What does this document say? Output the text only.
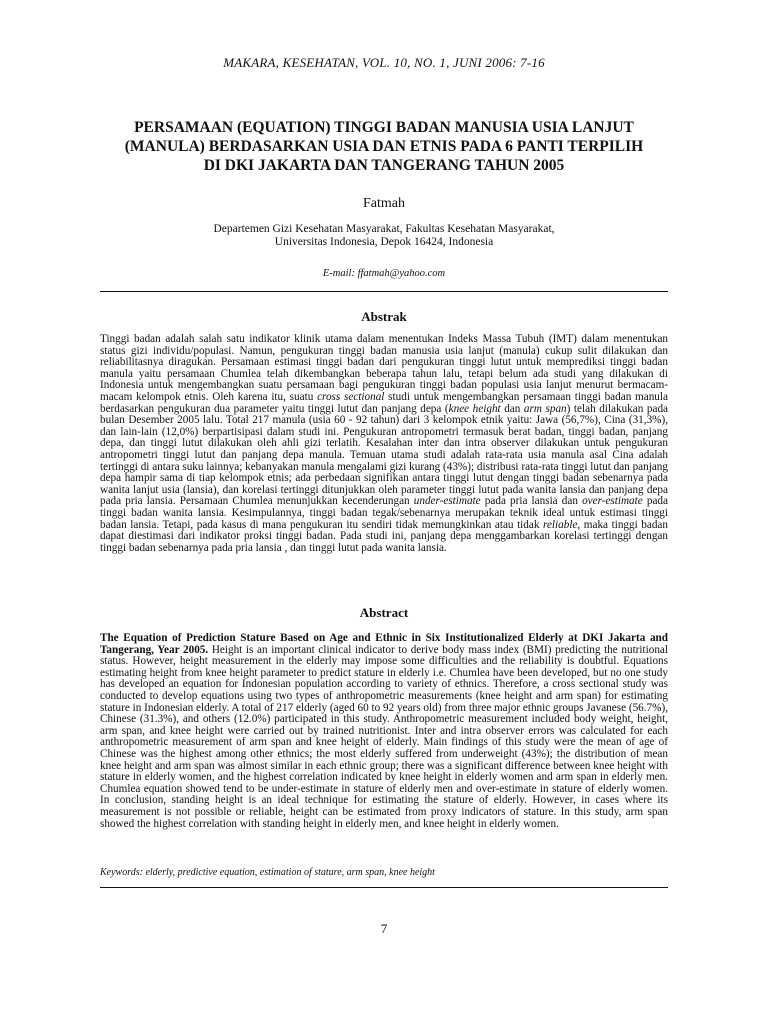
MAKARA, KESEHATAN, VOL. 10, NO. 1, JUNI 2006: 7-16
PERSAMAAN (EQUATION) TINGGI BADAN MANUSIA USIA LANJUT
(MANULA) BERDASARKAN USIA DAN ETNIS PADA 6 PANTI TERPILIH
DI DKI JAKARTA DAN TANGERANG TAHUN 2005
Fatmah
Departemen Gizi Kesehatan Masyarakat, Fakultas Kesehatan Masyarakat,
Universitas Indonesia, Depok 16424, Indonesia
E-mail: ffatmah@yahoo.com
Abstrak

Tinggi badan adalah salah satu indikator klinik utama dalam menentukan Indeks Massa Tubuh (IMT) dalam menentukan status gizi individu/populasi. Namun, pengukuran tinggi badan manusia usia lanjut (manula) cukup sulit dilakukan dan reliabilitasnya diragukan. Persamaan estimasi tinggi badan dari pengukuran tinggi lutut untuk memprediksi tinggi badan manula yaitu persamaan Chumlea telah dikembangkan beberapa tahun lalu, tetapi belum ada studi yang dilakukan di Indonesia untuk mengembangkan suatu persamaan bagi pengukuran tinggi badan populasi usia lanjut menurut bermacam-macam kelompok etnis. Oleh karena itu, suatu cross sectional studi untuk mengembangkan persamaan tinggi badan manula berdasarkan pengukuran dua parameter yaitu tinggi lutut dan panjang depa (knee height dan arm span) telah dilakukan pada bulan Desember 2005 lalu. Total 217 manula (usia 60 - 92 tahun) dari 3 kelompok etnik yaitu: Jawa (56,7%), Cina (31,3%), dan lain-lain (12,0%) berpartisipasi dalam studi ini. Pengukuran antropometri termasuk berat badan, tinggi badan, panjang depa, dan tinggi lutut dilakukan oleh ahli gizi terlatih. Kesalahan inter dan intra observer dilakukan untuk pengukuran antropometri tinggi lutut dan panjang depa manula. Temuan utama studi adalah rata-rata usia manula asal Cina adalah tertinggi di antara suku lainnya; kebanyakan manula mengalami gizi kurang (43%); distribusi rata-rata tinggi lutut dan panjang depa hampir sama di tiap kelompok etnis; ada perbedaan signifikan antara tinggi lutut dengan tinggi badan sebenarnya pada wanita lanjut usia (lansia), dan korelasi tertinggi ditunjukkan oleh parameter tinggi lutut pada wanita lansia dan panjang depa pada pria lansia. Persamaan Chumlea menunjukkan kecenderungan under-estimate pada pria lansia dan over-estimate pada tinggi badan wanita lansia. Kesimpulannya, tinggi badan tegak/sebenarnya merupakan teknik ideal untuk estimasi tinggi badan lansia. Tetapi, pada kasus di mana pengukuran itu sendiri tidak memungkinkan atau tidak reliable, maka tinggi badan dapat diestimasi dari indikator proksi tinggi badan. Pada studi ini, panjang depa menggambarkan korelasi tertinggi dengan tinggi badan sebenarnya pada pria lansia , dan tinggi lutut pada wanita lansia.

Abstract

The Equation of Prediction Stature Based on Age and Ethnic in Six Institutionalized Elderly at DKI Jakarta and Tangerang, Year 2005. Height is an important clinical indicator to derive body mass index (BMI) predicting the nutritional status. However, height measurement in the elderly may impose some difficulties and the reliability is doubtful. Equations estimating height from knee height parameter to predict stature in elderly i.e. Chumlea have been developed, but no one study has developed an equation for Indonesian population according to variety of ethnics. Therefore, a cross sectional study was conducted to develop equations using two types of anthropometric measurements (knee height and arm span) for estimating stature in Indonesian elderly. A total of 217 elderly (aged 60 to 92 years old) from three major ethnic groups Javanese (56.7%), Chinese (31.3%), and others (12.0%) participated in this study. Anthropometric measurement included body weight, height, arm span, and knee height were carried out by trained nutritionist. Inter and intra observer errors was calculated for each anthropometric measurement of arm span and knee height of elderly. Main findings of this study were the mean of age of Chinese was the highest among other ethnics; the most elderly suffered from underweight (43%); the distribution of mean knee height and arm span was almost similar in each ethnic group; there was a significant difference between knee height with stature in elderly women, and the highest correlation indicated by knee height in elderly women and arm span in elderly men. Chumlea equation showed tend to be under-estimate in stature of elderly men and over-estimate in stature of elderly women. In conclusion, standing height is an ideal technique for estimating the stature of elderly. However, in cases where its measurement is not possible or reliable, height can be estimated from proxy indicators of stature. In this study, arm span showed the highest correlation with standing height in elderly men, and knee height in elderly women.

Keywords: elderly, predictive equation, estimation of stature, arm span, knee height
7
